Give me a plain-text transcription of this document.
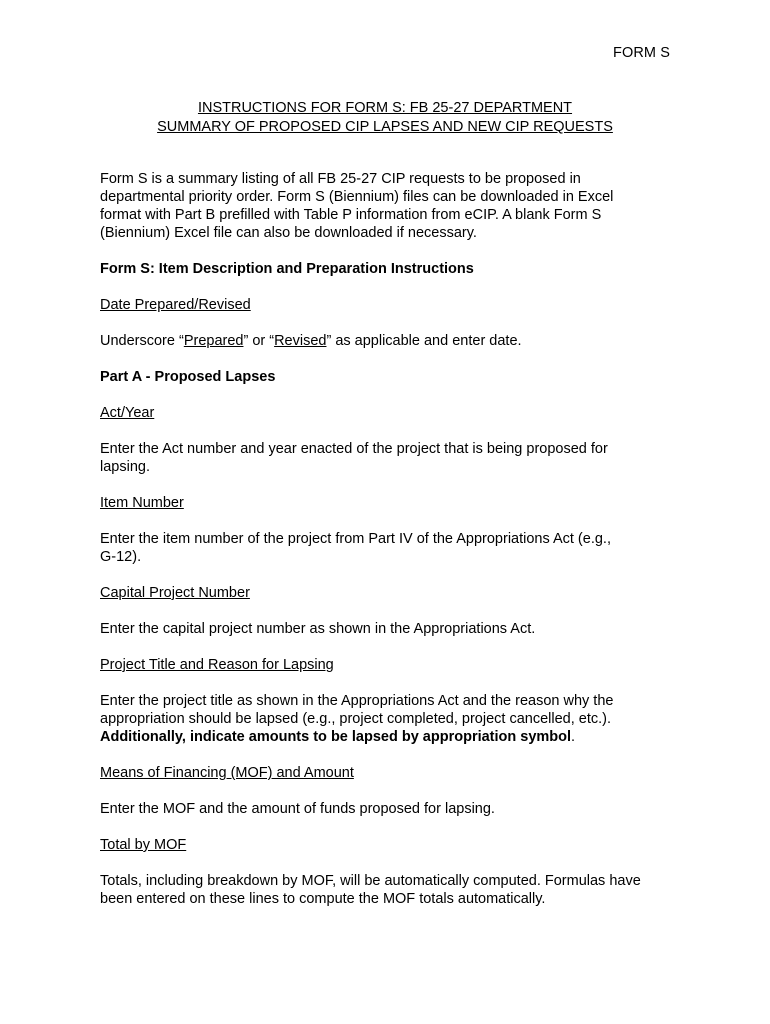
FORM S
INSTRUCTIONS FOR FORM S: FB 25-27 DEPARTMENT
SUMMARY OF PROPOSED CIP LAPSES AND NEW CIP REQUESTS

Form S is a summary listing of all FB 25-27 CIP requests to be proposed in
departmental priority order. Form S (Biennium) files can be downloaded in Excel
format with Part B prefilled with Table P information from eCIP. A blank Form S
(Biennium) Excel file can also be downloaded if necessary.

Form S: Item Description and Preparation Instructions

Date Prepared/Revised

Underscore “Prepared” or “Revised” as applicable and enter date.

Part A - Proposed Lapses

Act/Year

Enter the Act number and year enacted of the project that is being proposed for
lapsing.

Item Number

Enter the item number of the project from Part IV of the Appropriations Act (e.g.,
G-12).

Capital Project Number

Enter the capital project number as shown in the Appropriations Act.

Project Title and Reason for Lapsing

Enter the project title as shown in the Appropriations Act and the reason why the
appropriation should be lapsed (e.g., project completed, project cancelled, etc.).
Additionally, indicate amounts to be lapsed by appropriation symbol.

Means of Financing (MOF) and Amount

Enter the MOF and the amount of funds proposed for lapsing.

Total by MOF

Totals, including breakdown by MOF, will be automatically computed. Formulas have
been entered on these lines to compute the MOF totals automatically.
